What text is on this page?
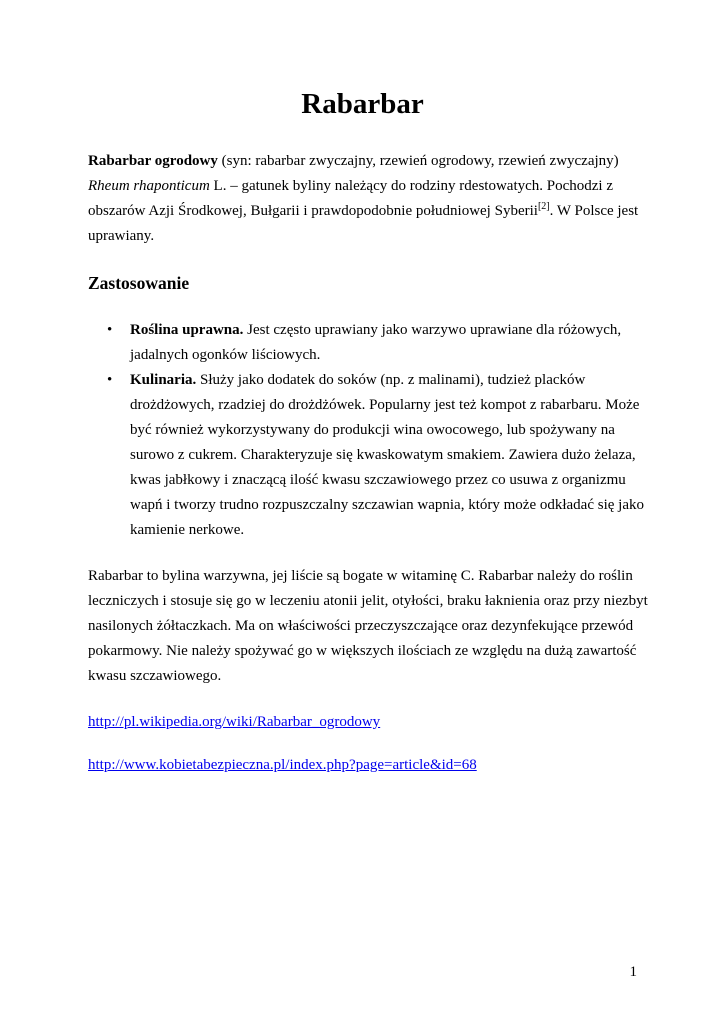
Rabarbar

Rabarbar ogrodowy (syn: rabarbar zwyczajny, rzewień ogrodowy, rzewień zwyczajny) Rheum rhaponticum L. – gatunek byliny należący do rodziny rdestowatych. Pochodzi z obszarów Azji Środkowej, Bułgarii i prawdopodobnie południowej Syberii[2]. W Polsce jest uprawiany.

Zastosowanie
• Roślina uprawna. Jest często uprawiany jako warzywo uprawiane dla różowych, jadalnych ogonków liściowych.
• Kulinaria. Służy jako dodatek do soków (np. z malinami), tudzież placków drożdżowych, rzadziej do drożdżówek. Popularny jest też kompot z rabarbaru. Może być również wykorzystywany do produkcji wina owocowego, lub spożywany na surowo z cukrem. Charakteryzuje się kwaskowatym smakiem. Zawiera dużo żelaza, kwas jabłkowy i znaczącą ilość kwasu szczawiowego przez co usuwa z organizmu wapń i tworzy trudno rozpuszczalny szczawian wapnia, który może odkładać się jako kamienie nerkowe.

Rabarbar to bylina warzywna, jej liście są bogate w witaminę C. Rabarbar należy do roślin leczniczych i stosuje się go w leczeniu atonii jelit, otyłości, braku łaknienia oraz przy niezbyt nasilonych żółtaczkach. Ma on właściwości przeczyszczające oraz dezynfekujące przewód pokarmowy. Nie należy spożywać go w większych ilościach ze względu na dużą zawartość kwasu szczawiowego.

http://pl.wikipedia.org/wiki/Rabarbar_ogrodowy

http://www.kobietabezpieczna.pl/index.php?page=article&id=68

1
